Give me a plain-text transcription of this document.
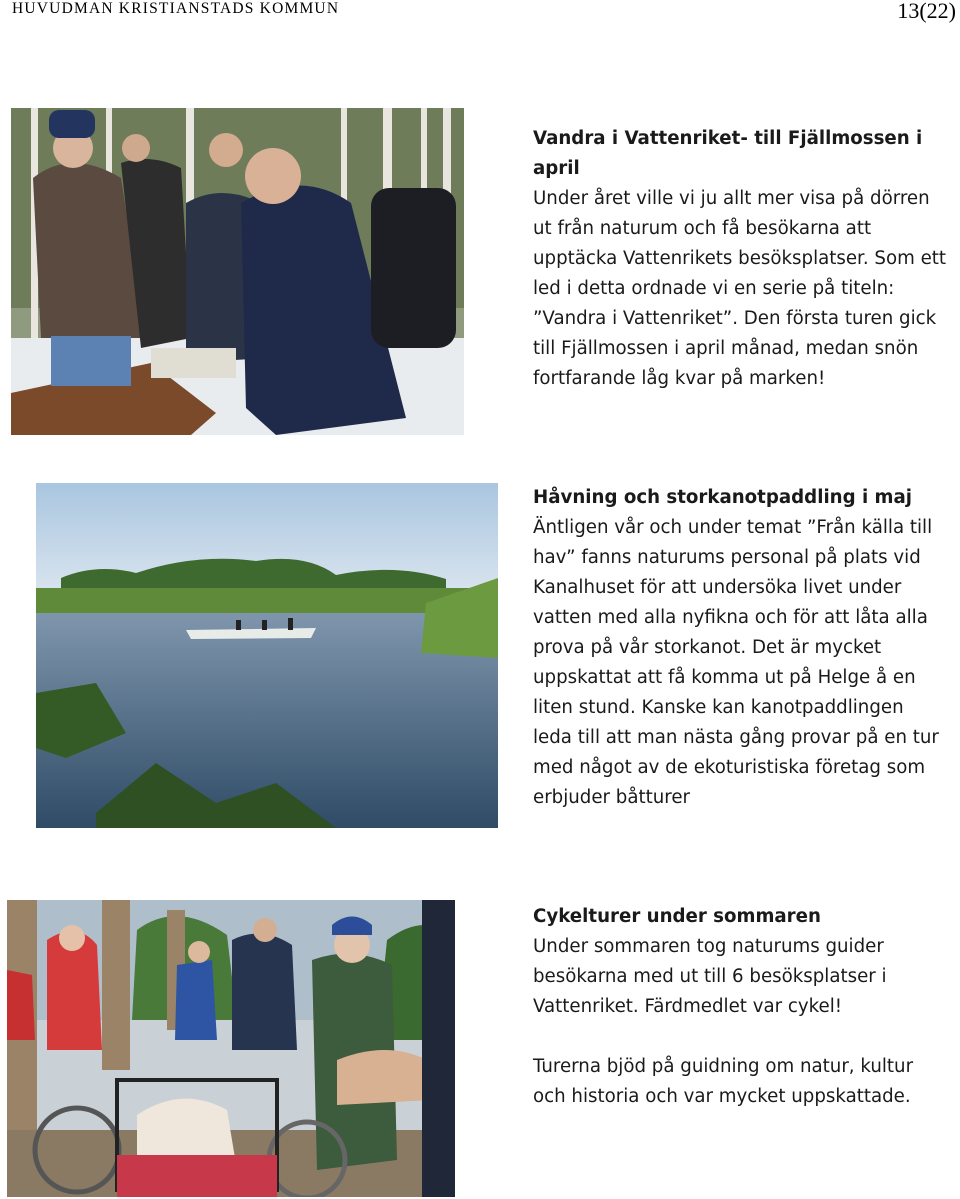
HUVUDMAN KRISTIANSTADS KOMMUN	13(22)
Vandra i Vattenriket- till Fjällmossen i april

Under året ville vi ju allt mer visa på dörren ut från naturum och få besökarna att upptäcka Vattenrikets besöksplatser. Som ett led i detta ordnade vi en serie på titeln: ”Vandra i Vattenriket”. Den första turen gick till Fjällmossen i april månad, medan snön fortfarande låg kvar på marken!

Håvning och storkanotpaddling i maj

Äntligen vår och under temat ”Från källa till hav” fanns naturums personal på plats vid Kanalhuset för att undersöka livet under vatten med alla nyfikna och för att låta alla prova på vår storkanot. Det är mycket uppskattat att få komma ut på Helge å en liten stund. Kanske kan kanotpaddlingen leda till att man nästa gång provar på en tur med något av de ekoturistiska företag som erbjuder båtturer

Cykelturer under sommaren

Under sommaren tog naturums guider besökarna med ut till 6 besöksplatser i Vattenriket. Färdmedlet var cykel!

Turerna bjöd på guidning om natur, kultur och historia och var mycket uppskattade.
